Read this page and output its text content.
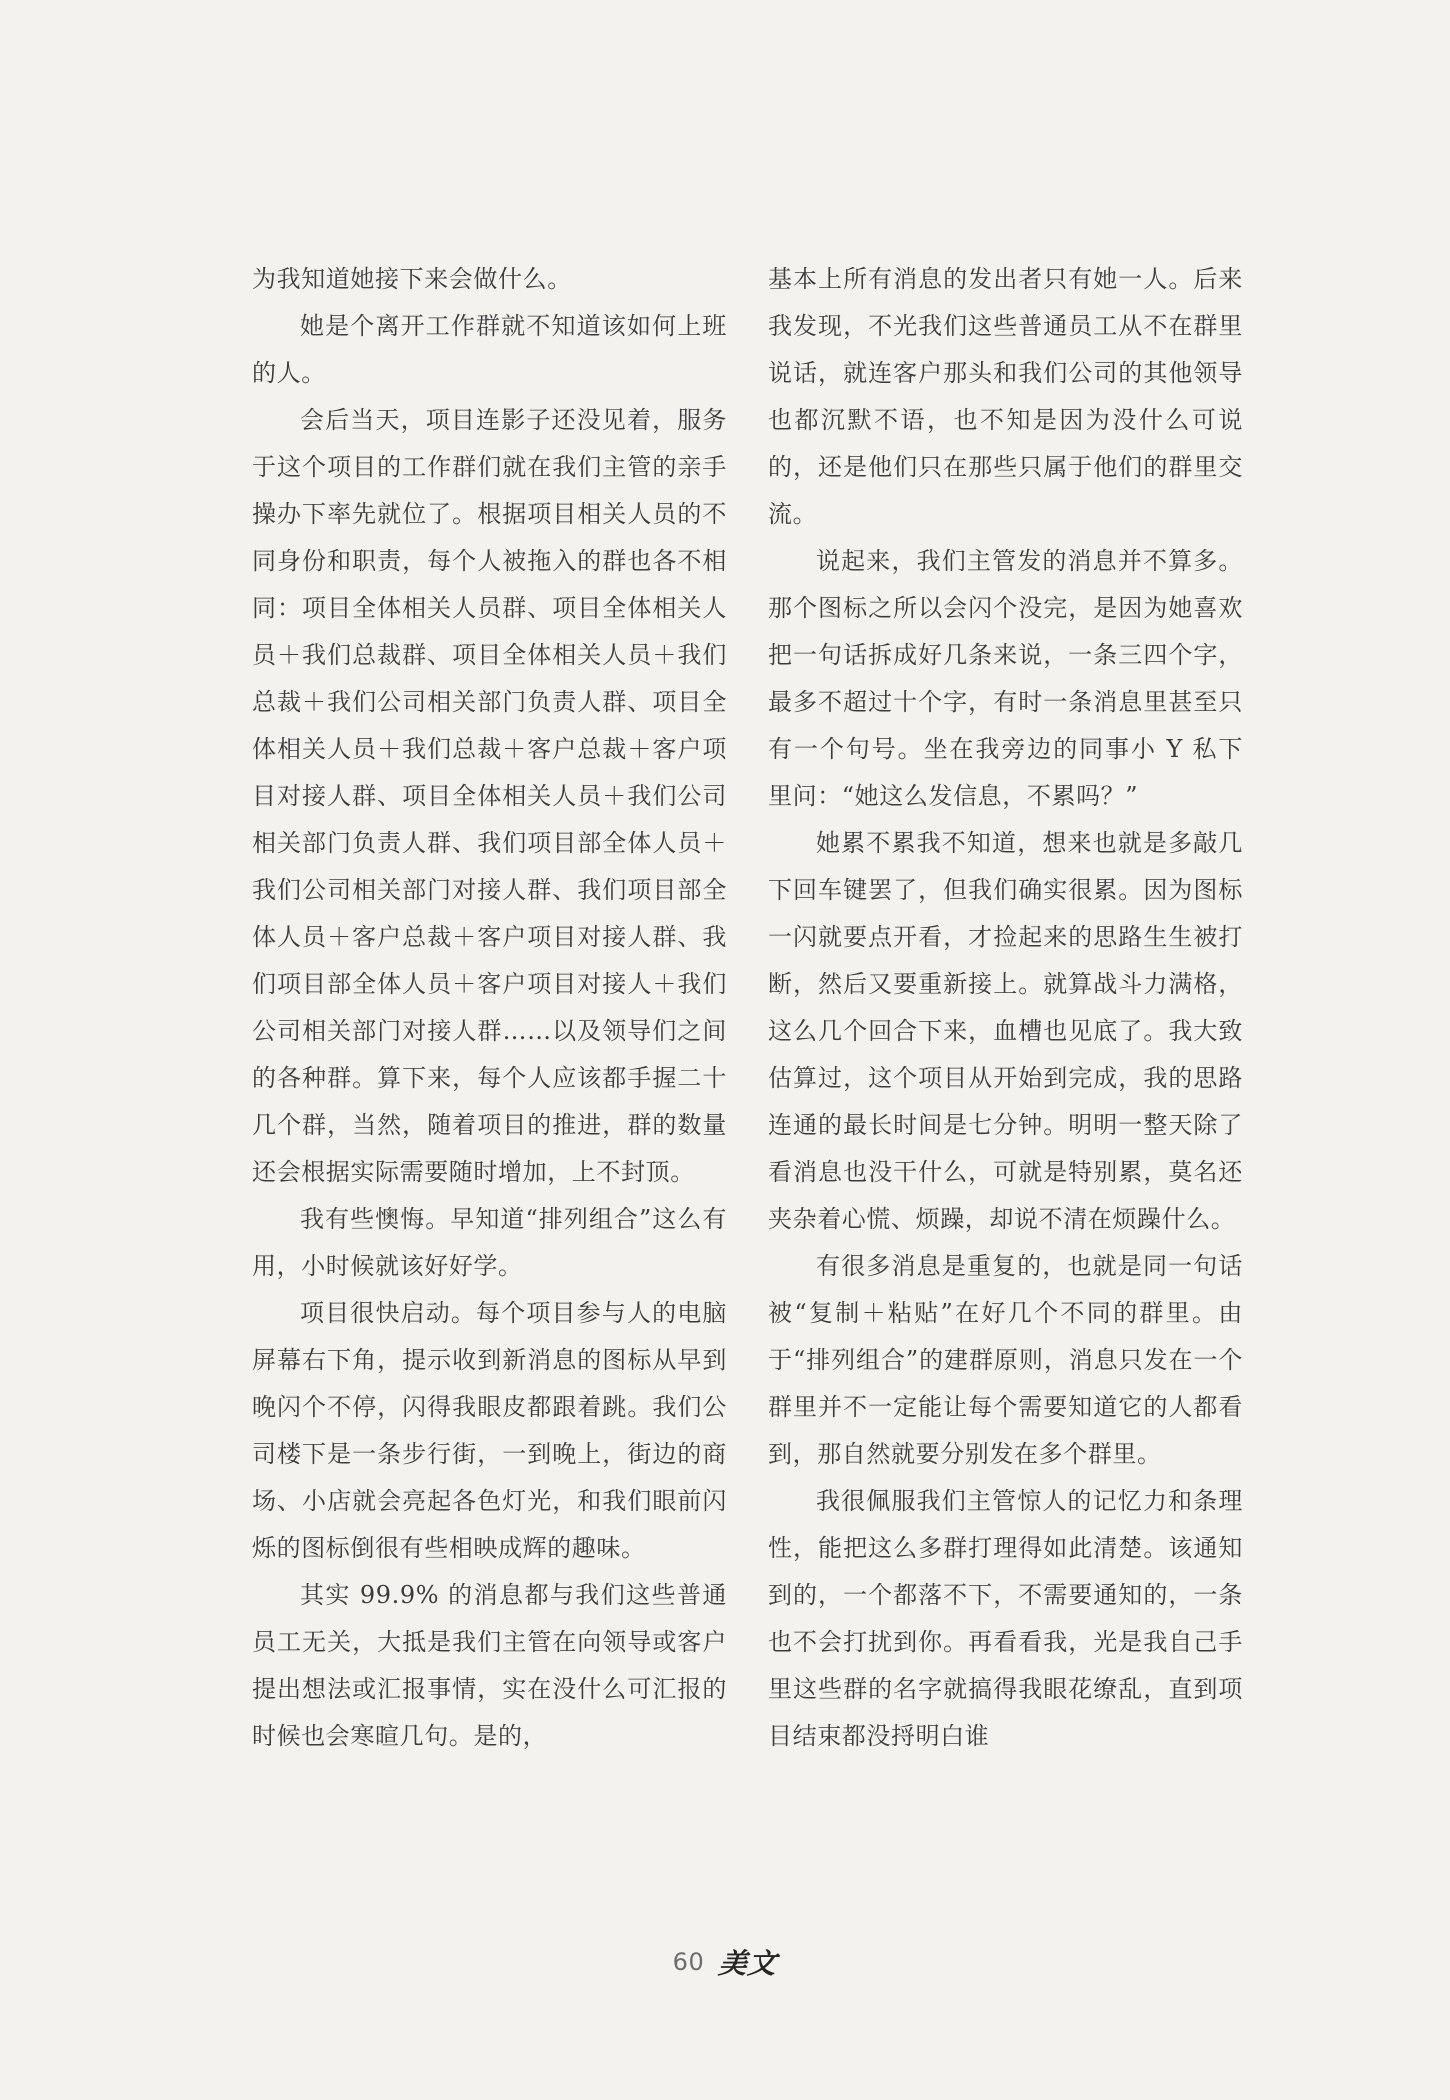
为我知道她接下来会做什么。

她是个离开工作群就不知道该如何上班的人。

会后当天，项目连影子还没见着，服务于这个项目的工作群们就在我们主管的亲手操办下率先就位了。根据项目相关人员的不同身份和职责，每个人被拖入的群也各不相同：项目全体相关人员群、项目全体相关人员＋我们总裁群、项目全体相关人员＋我们总裁＋我们公司相关部门负责人群、项目全体相关人员＋我们总裁＋客户总裁＋客户项目对接人群、项目全体相关人员＋我们公司相关部门负责人群、我们项目部全体人员＋我们公司相关部门对接人群、我们项目部全体人员＋客户总裁＋客户项目对接人群、我们项目部全体人员＋客户项目对接人＋我们公司相关部门对接人群……以及领导们之间的各种群。算下来，每个人应该都手握二十几个群，当然，随着项目的推进，群的数量还会根据实际需要随时增加，上不封顶。

我有些懊悔。早知道“排列组合”这么有用，小时候就该好好学。

项目很快启动。每个项目参与人的电脑屏幕右下角，提示收到新消息的图标从早到晚闪个不停，闪得我眼皮都跟着跳。我们公司楼下是一条步行街，一到晚上，街边的商场、小店就会亮起各色灯光，和我们眼前闪烁的图标倒很有些相映成辉的趣味。

其实 99.9% 的消息都与我们这些普通员工无关，大抵是我们主管在向领导或客户提出想法或汇报事情，实在没什么可汇报的时候也会寒暄几句。是的，

基本上所有消息的发出者只有她一人。后来我发现，不光我们这些普通员工从不在群里说话，就连客户那头和我们公司的其他领导也都沉默不语，也不知是因为没什么可说的，还是他们只在那些只属于他们的群里交流。

说起来，我们主管发的消息并不算多。那个图标之所以会闪个没完，是因为她喜欢把一句话拆成好几条来说，一条三四个字，最多不超过十个字，有时一条消息里甚至只有一个句号。坐在我旁边的同事小 Y 私下里问：“她这么发信息，不累吗？”

她累不累我不知道，想来也就是多敲几下回车键罢了，但我们确实很累。因为图标一闪就要点开看，才捡起来的思路生生被打断，然后又要重新接上。就算战斗力满格，这么几个回合下来，血槽也见底了。我大致估算过，这个项目从开始到完成，我的思路连通的最长时间是七分钟。明明一整天除了看消息也没干什么，可就是特别累，莫名还夹杂着心慌、烦躁，却说不清在烦躁什么。

有很多消息是重复的，也就是同一句话被“复制＋粘贴”在好几个不同的群里。由于“排列组合”的建群原则，消息只发在一个群里并不一定能让每个需要知道它的人都看到，那自然就要分别发在多个群里。

我很佩服我们主管惊人的记忆力和条理性，能把这么多群打理得如此清楚。该通知到的，一个都落不下，不需要通知的，一条也不会打扰到你。再看看我，光是我自己手里这些群的名字就搞得我眼花缭乱，直到项目结束都没捋明白谁

60 美文
